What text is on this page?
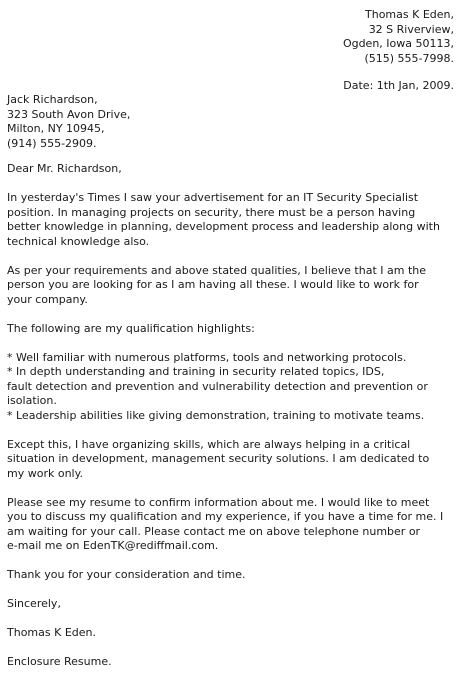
Thomas K Eden,
32 S Riverview,
Ogden, Iowa 50113,
(515) 555-7998.
Date: 1th Jan, 2009.
Jack Richardson,
323 South Avon Drive,
Milton, NY 10945,
(914) 555-2909.
Dear Mr. Richardson,
In yesterday's Times I saw your advertisement for an IT Security Specialist
position. In managing projects on security, there must be a person having
better knowledge in planning, development process and leadership along with
technical knowledge also.
As per your requirements and above stated qualities, I believe that I am the
person you are looking for as I am having all these. I would like to work for
your company.
The following are my qualification highlights:
* Well familiar with numerous platforms, tools and networking protocols.
* In depth understanding and training in security related topics, IDS,
fault detection and prevention and vulnerability detection and prevention or
isolation.
* Leadership abilities like giving demonstration, training to motivate teams.
Except this, I have organizing skills, which are always helping in a critical
situation in development, management security solutions. I am dedicated to
my work only.
Please see my resume to confirm information about me. I would like to meet
you to discuss my qualification and my experience, if you have a time for me. I
am waiting for your call. Please contact me on above telephone number or
e-mail me on EdenTK@rediffmail.com.
Thank you for your consideration and time.
Sincerely,
Thomas K Eden.
Enclosure Resume.
